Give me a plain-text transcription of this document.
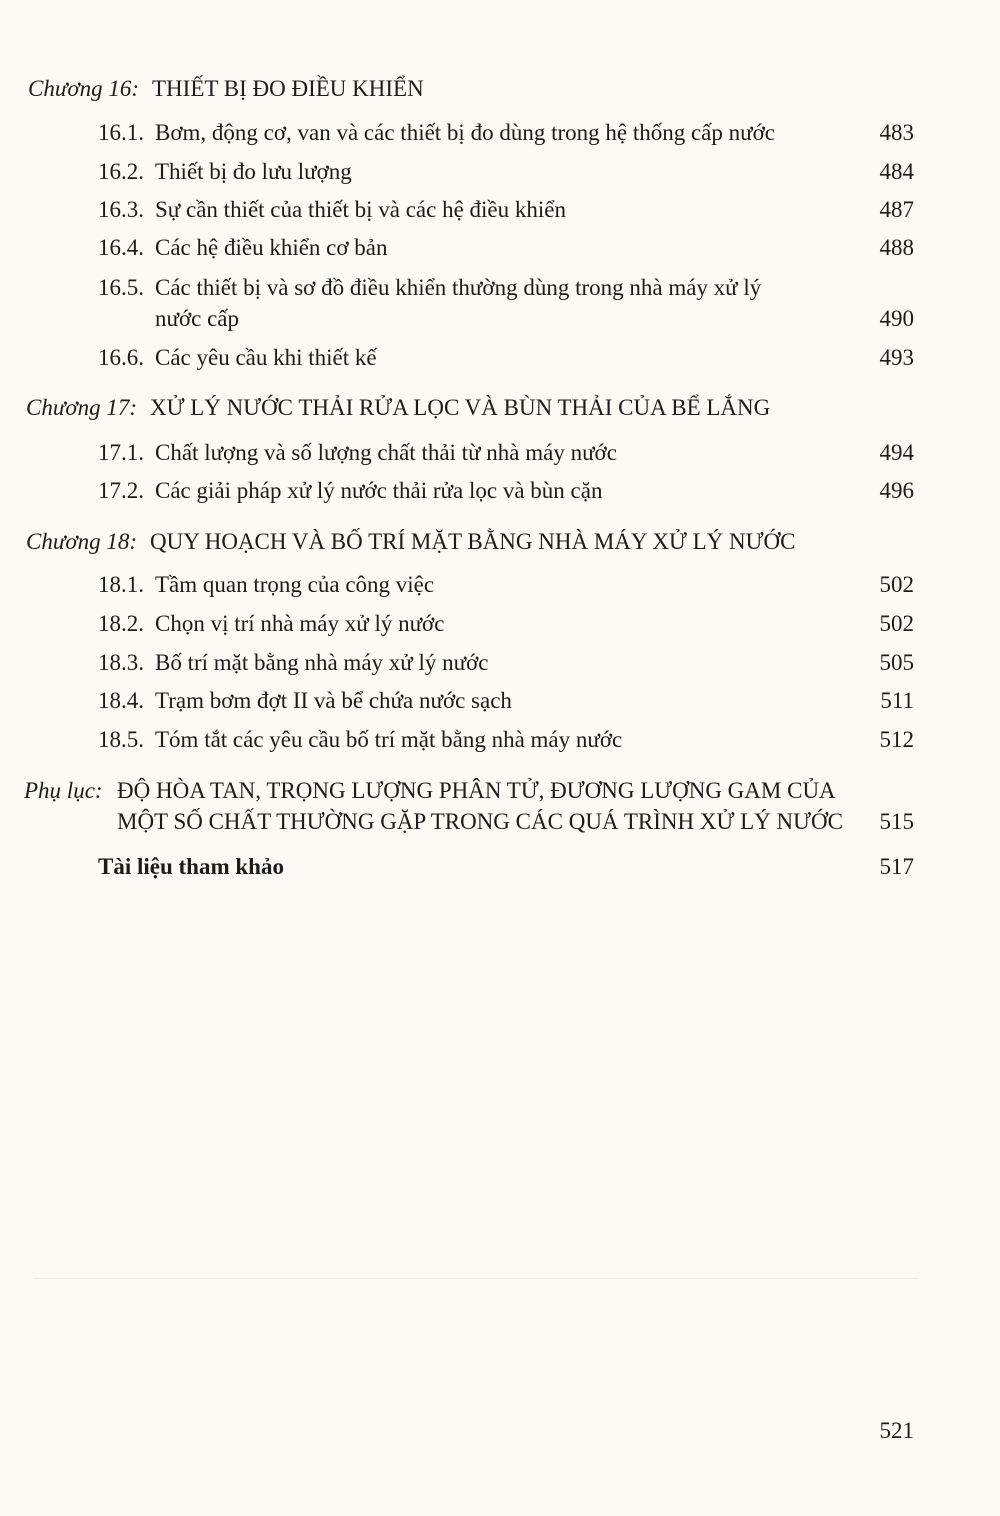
Chương 16: THIẾT BỊ ĐO ĐIỀU KHIỂN
16.1. Bơm, động cơ, van và các thiết bị đo dùng trong hệ thống cấp nước	483
16.2. Thiết bị đo lưu lượng	484
16.3. Sự cần thiết của thiết bị và các hệ điều khiển	487
16.4. Các hệ điều khiển cơ bản	488
16.5. Các thiết bị và sơ đồ điều khiển thường dùng trong nhà máy xử lý
nước cấp	490
16.6. Các yêu cầu khi thiết kế	493
Chương 17: XỬ LÝ NƯỚC THẢI RỬA LỌC VÀ BÙN THẢI CỦA BỂ LẮNG
17.1. Chất lượng và số lượng chất thải từ nhà máy nước	494
17.2. Các giải pháp xử lý nước thải rửa lọc và bùn cặn	496
Chương 18: QUY HOẠCH VÀ BỐ TRÍ MẶT BẰNG NHÀ MÁY XỬ LÝ NƯỚC
18.1. Tầm quan trọng của công việc	502
18.2. Chọn vị trí nhà máy xử lý nước	502
18.3. Bố trí mặt bằng nhà máy xử lý nước	505
18.4. Trạm bơm đợt II và bể chứa nước sạch	511
18.5. Tóm tắt các yêu cầu bố trí mặt bằng nhà máy nước	512
Phụ lục: ĐỘ HÒA TAN, TRỌNG LƯỢNG PHÂN TỬ, ĐƯƠNG LƯỢNG GAM CỦA
MỘT SỐ CHẤT THƯỜNG GẶP TRONG CÁC QUÁ TRÌNH XỬ LÝ NƯỚC 515
Tài liệu tham khảo	517
521
